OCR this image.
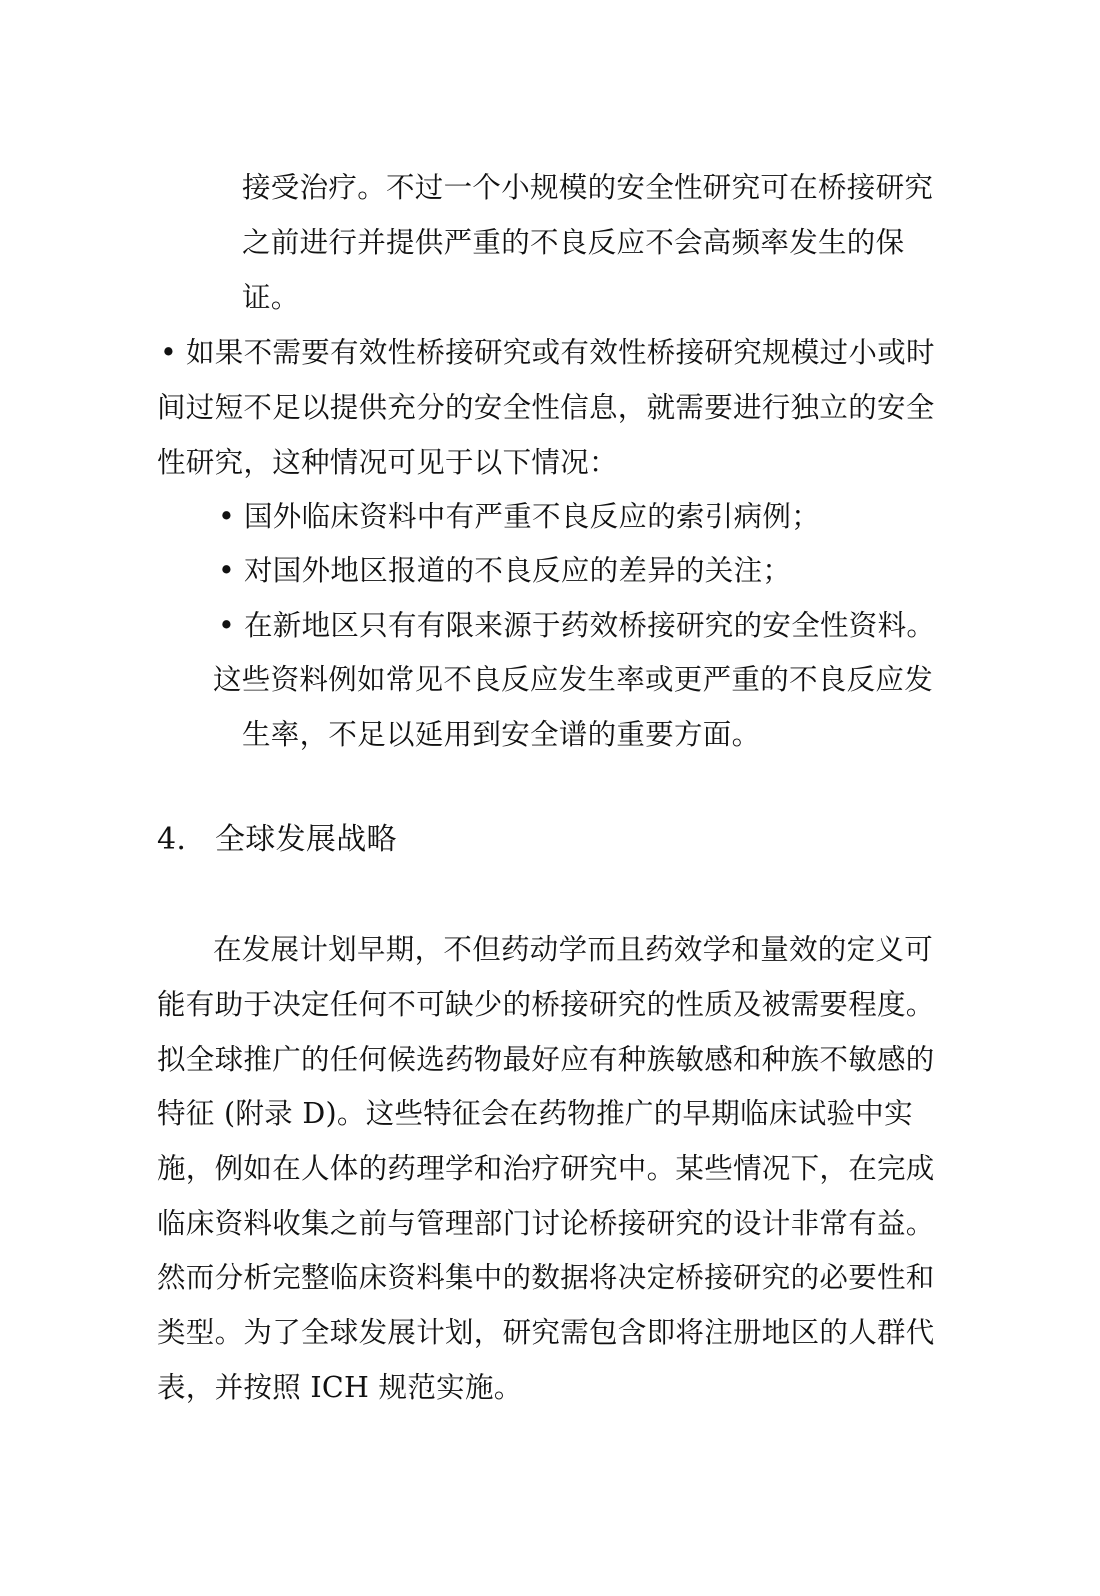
接受治疗。不过一个小规模的安全性研究可在桥接研究
之前进行并提供严重的不良反应不会高频率发生的保
证。
• 如果不需要有效性桥接研究或有效性桥接研究规模过小或时
间过短不足以提供充分的安全性信息，就需要进行独立的安全
性研究，这种情况可见于以下情况：
• 国外临床资料中有严重不良反应的索引病例；
• 对国外地区报道的不良反应的差异的关注；
• 在新地区只有有限来源于药效桥接研究的安全性资料。
这些资料例如常见不良反应发生率或更严重的不良反应发
生率，不足以延用到安全谱的重要方面。
4. 全球发展战略
在发展计划早期，不但药动学而且药效学和量效的定义可
能有助于决定任何不可缺少的桥接研究的性质及被需要程度。
拟全球推广的任何候选药物最好应有种族敏感和种族不敏感的
特征 (附录 D)。这些特征会在药物推广的早期临床试验中实
施，例如在人体的药理学和治疗研究中。某些情况下，在完成
临床资料收集之前与管理部门讨论桥接研究的设计非常有益。
然而分析完整临床资料集中的数据将决定桥接研究的必要性和
类型。为了全球发展计划，研究需包含即将注册地区的人群代
表，并按照 ICH 规范实施。
